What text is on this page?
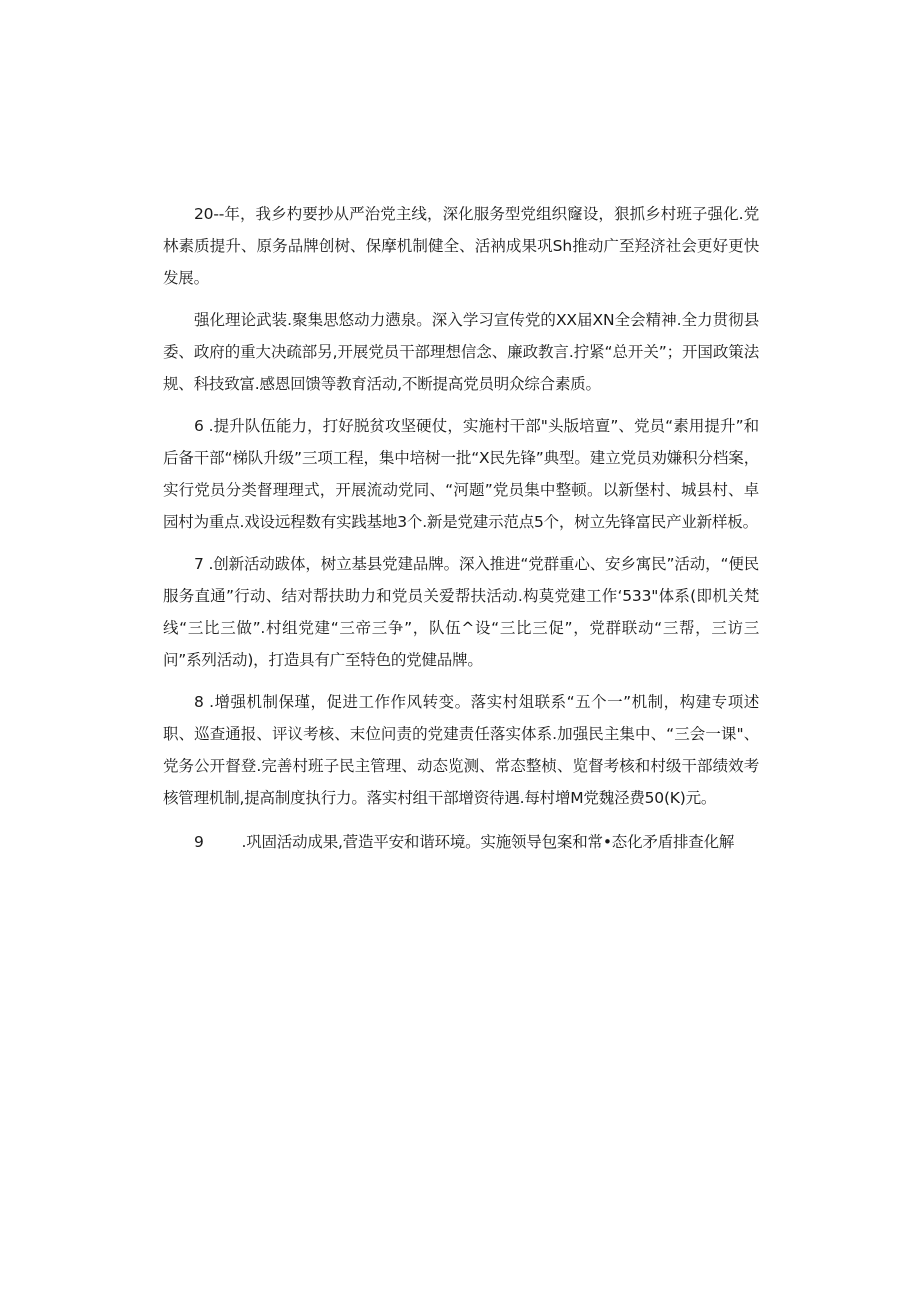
20--年，我乡杓要抄从严治党主线，深化服务型党组织窿设，狠抓乡村班子强化.党林素质提升、原务品牌创树、保摩机制健全、活衲成果巩Sh推动广至羟济社会更好更快发展。

强化理论武装.聚集思悠动力懑泉。深入学习宣传党的XX届XN全会精神.全力贯彻县委、政府的重大决疏部另,开展党员干部理想信念、廉政教言.拧紧“总开关”；开国政策法规、科技致富.感恩回馈等教育活动,不断提高党员明众综合素质。

6 .提升队伍能力，打好脱贫攻坚硬仗，实施村干部"头版培亶”、党员“素用提升”和后备干部“梯队升级”三项工程，集中培树一批“X民先锋”典型。建立党员劝嫌积分档案，实行党员分类督理理式，开展流动党同、“河题”党员集中整顿。以新堡村、城县村、卓园村为重点.戏设远程数有实践基地3个.新是党建示范点5个，树立先锋富民产业新样板。

7 .创新活动跋体，树立基县党建品牌。深入推进“党群重心、安乡寓民”活动，“便民服务直通”行动、结对帮扶助力和党员关爱帮扶活动.构莫党建工作‘533"体系(即机关梵线“三比三做”.村组党建“三帝三争”，队伍^设“三比三促”，党群联动“三帮，三访三问”系列活动)，打造具有广至特色的党健品牌。

8 .增强机制保瑾，促进工作作风转变。落实村俎联系“五个一”机制，构建专项述职、巡查通报、评议考核、末位问责的党建责任落实体系.加强民主集中、“三会一课"、党务公开督登.完善村班子民主管理、动态览测、常态整桢、览督考核和村级干部绩效考核管理机制,提高制度执行力。落实村组干部增资待遇.每村增M党魏泾费50(K)元。

9        .巩固活动成果,菅造平安和谐环境。实施领导包案和常•态化矛盾排查化解
